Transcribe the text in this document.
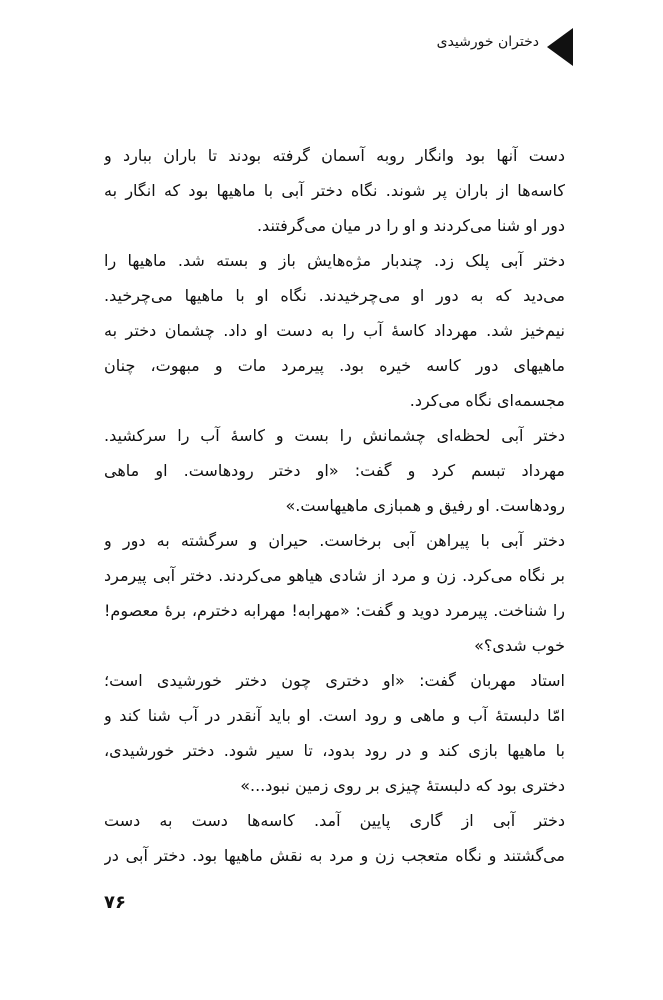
دختران خورشیدی
دست آنها بود وانگار روبه آسمان گرفته بودند تا باران ببارد و
کاسه‌ها از باران پر شوند. نگاه دختر آبی با ماهیها بود که انگار به
دور او شنا می‌کردند و او را در میان می‌گرفتند.
دختر آبی پلک زد. چندبار مژه‌هایش باز و بسته شد. ماهیها را
می‌دید که به دور او می‌چرخیدند. نگاه او با ماهیها می‌چرخید.
نیم‌خیز شد. مهرداد کاسهٔ آب را به دست او داد. چشمان دختر به
ماهیهای دور کاسه خیره بود. پیرمرد مات و مبهوت، چنان
مجسمه‌ای نگاه می‌کرد.
دختر آبی لحظه‌ای چشمانش را بست و کاسهٔ آب را سرکشید.
مهرداد تبسم کرد و گفت: «او دختر رودهاست. او ماهی
رودهاست. او رفیق و همبازی ماهیهاست.»
دختر آبی با پیراهن آبی برخاست. حیران و سرگشته به دور و
بر نگاه می‌کرد. زن و مرد از شادی هیاهو می‌کردند. دختر آبی پیرمرد
را شناخت. پیرمرد دوید و گفت: «مهرابه! مهرابه دخترم، برهٔ معصوم!
خوب شدی؟»
استاد مهربان گفت: «او دختری چون دختر خورشیدی است؛
امّا دلبستهٔ آب و ماهی و رود است. او باید آنقدر در آب شنا کند و
با ماهیها بازی کند و در رود بدود، تا سیر شود. دختر خورشیدی،
دختری بود که دلبستهٔ چیزی بر روی زمین نبود...»
دختر آبی از گاری پایین آمد. کاسه‌ها دست به دست
می‌گشتند و نگاه متعجب زن و مرد به نقش ماهیها بود. دختر آبی در
۷۶
